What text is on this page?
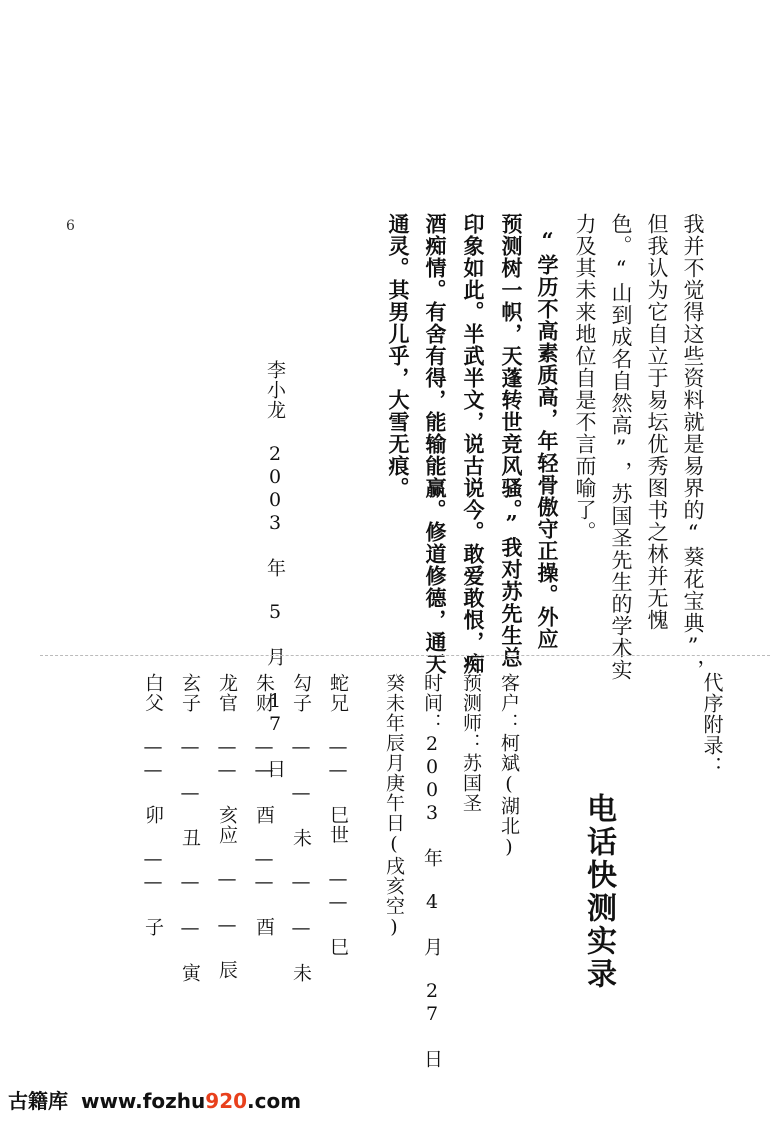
我并不觉得这些资料就是易界的“葵花宝典”，
但我认为它自立于易坛优秀图书之林并无愧
色。“山到成名自然高”，苏国圣先生的学术实
力及其未来地位自是不言而喻了。
“学历不高素质高，年轻骨傲守正操。外应
预测树一帜，天蓬转世竞风骚。”我对苏先生总
印象如此。半武半文，说古说今。敢爱敢恨，痴
酒痴情。有舍有得，能输能赢。修道修德，通天
通灵。其男儿乎，大雪无痕。
李小龙 2003 年 5 月 17 日
6
代序附录：
电话快测实录
客户：柯斌(湖北)
预测师：苏国圣
时间：2003 年 4 月 27 日
癸未年辰月庚午日(戌亥空)
蛇兄 —— 巳世 —— 巳
勾子 — — 未 — — 未
朱财 —— 酉 —— 酉
龙官 —— 亥应 — — 辰
玄子 — — 丑 — — 寅
白父 —— 卯 —— 子
古籍库 www.fozhu920.com
